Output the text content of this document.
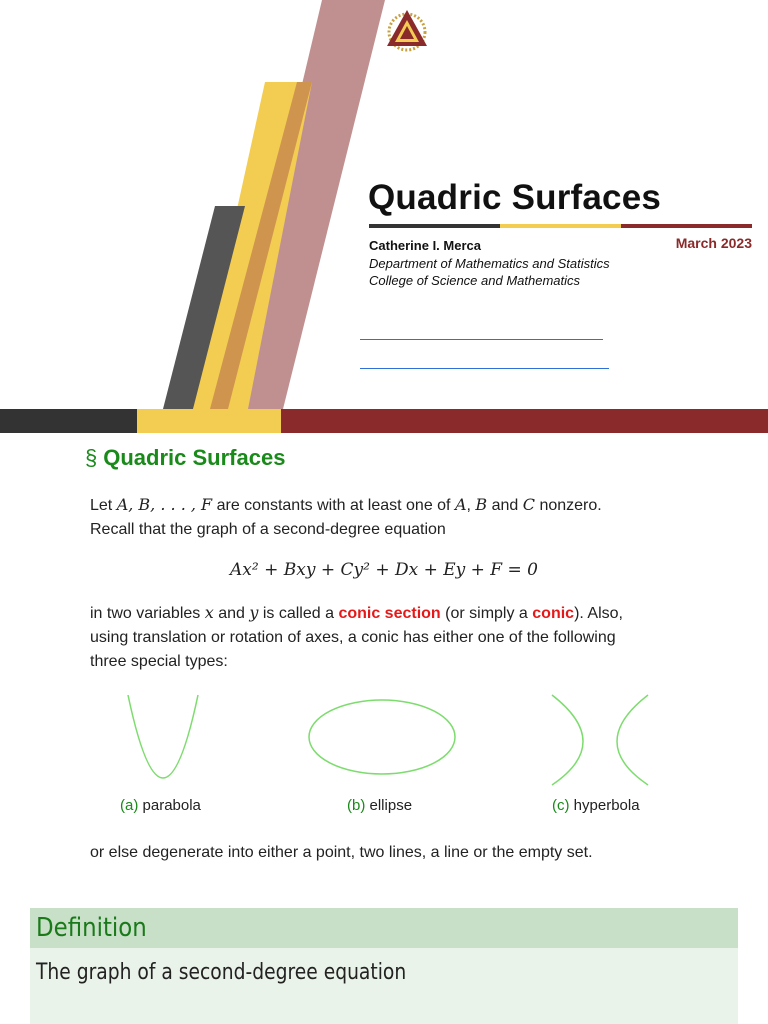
Quadric Surfaces
Catherine I. Merca
Department of Mathematics and Statistics
College of Science and Mathematics
March 2023
§ Quadric Surfaces
Let A, B, . . . , F are constants with at least one of A, B and C nonzero.
Recall that the graph of a second-degree equation
Ax² + Bxy + Cy² + Dx + Ey + F = 0
in two variables x and y is called a conic section (or simply a conic). Also,
using translation or rotation of axes, a conic has either one of the following
three special types:
(a) parabola	(b) ellipse	(c) hyperbola
or else degenerate into either a point, two lines, a line or the empty set.
Definition
The graph of a second-degree equation
